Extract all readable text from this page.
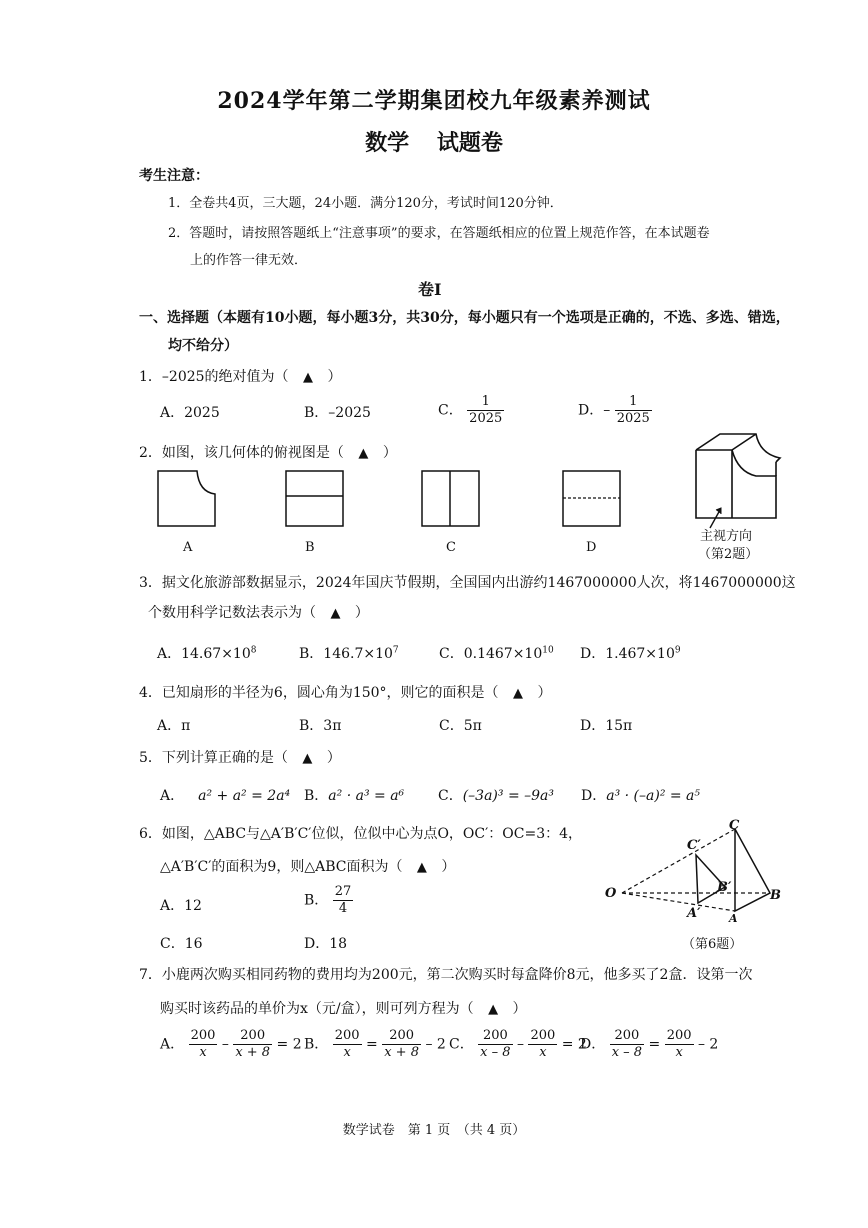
2024学年第二学期集团校九年级素养测试
数学 试题卷
考生注意：
1．全卷共4页，三大题，24小题．满分120分，考试时间120分钟．
2．答题时，请按照答题纸上“注意事项”的要求，在答题纸相应的位置上规范作答，在本试题卷
上的作答一律无效．
卷Ⅰ
一、选择题（本题有10小题，每小题3分，共30分，每小题只有一个选项是正确的，不选、多选、错选，
均不给分）
1．–2025的绝对值为（ ▲ ）
A．2025	B．–2025	C． $\frac{1}{2025}$	D．– $\frac{1}{2025}$
2．如图，该几何体的俯视图是（ ▲ ）
A	B	C	D
主视方向
（第2题）
3．据文化旅游部数据显示，2024年国庆节假期，全国国内出游约1467000000人次，将1467000000这
个数用科学记数法表示为（ ▲ ）
A．$14.67\times 10^8$	B．$146.7\times 10^7$	C．$0.1467\times 10^{10}$ D．$1.467\times 10^9$
4．已知扇形的半径为6，圆心角为150°，则它的面积是（ ▲ ）
A．π	B．3π	C．5π	D．15π
5．下列计算正确的是（ ▲ ）
A． a² + a² = 2a⁴ B．a² · a³ = a⁶ C．(–3a)³ = –9a³ D．a³ · (–a)² = a⁵
6．如图，△ABC与△A′B′C′位似，位似中心为点O，OC′：OC=3：4，
△A′B′C′的面积为9，则△ABC面积为（ ▲ ）
A．12	B． $\frac{27}{4}$
C．16	D．18
O
C
C′
B′
B
A′	A
（第6题）
7．小鹿两次购买相同药物的费用均为200元，第二次购买时每盒降价8元，他多买了2盒．设第一次
购买时该药品的单价为x（元/盒），则可列方程为（ ▲ ）
A． $\frac{200}{x} - \frac{200}{x + 8} = 2$ B． $\frac{200}{x} = \frac{200}{x + 8} - 2$ C． $\frac{200}{x - 8} - \frac{200}{x} = 2$
D． $\frac{200}{x - 8} = \frac{200}{x} - 2$
数学试卷　第 1 页　（共 4 页）
